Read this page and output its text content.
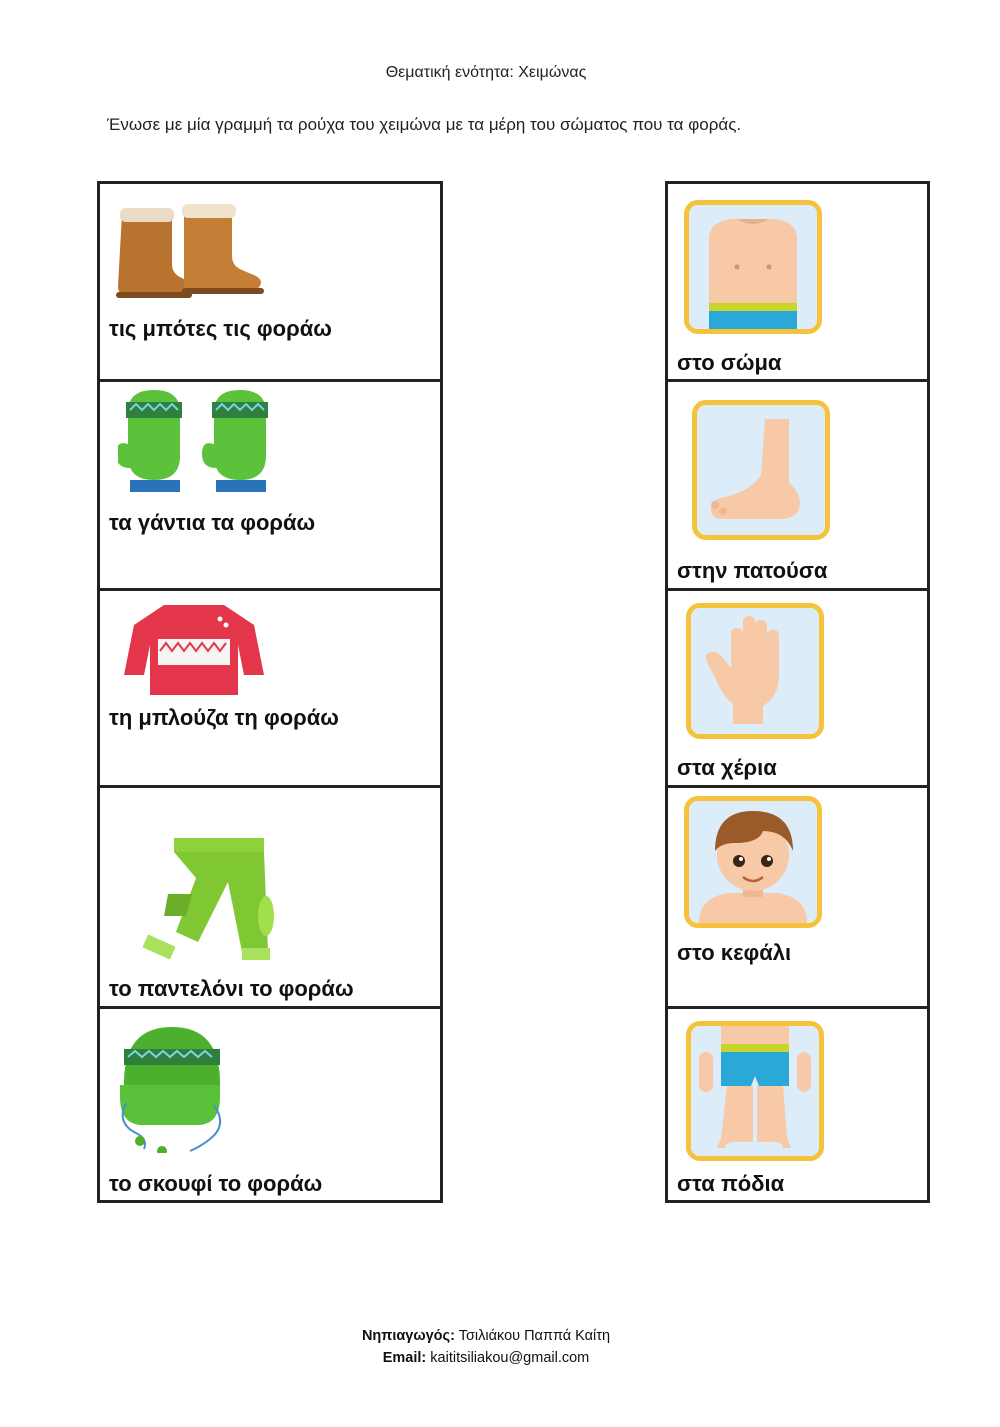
Θεματική ενότητα: Χειμώνας
Ένωσε με μία γραμμή τα ρούχα του χειμώνα με τα μέρη του σώματος που τα φοράς.
τις μπότες τις φοράω
τα γάντια τα φοράω
τη μπλούζα τη φοράω
το παντελόνι το φοράω
το σκουφί το φοράω
στο σώμα
στην πατούσα
στα χέρια
στο κεφάλι
στα πόδια
Νηπιαγωγός: Τσιλιάκου Παππά Καίτη
Email: kaititsiliakou@gmail.com
